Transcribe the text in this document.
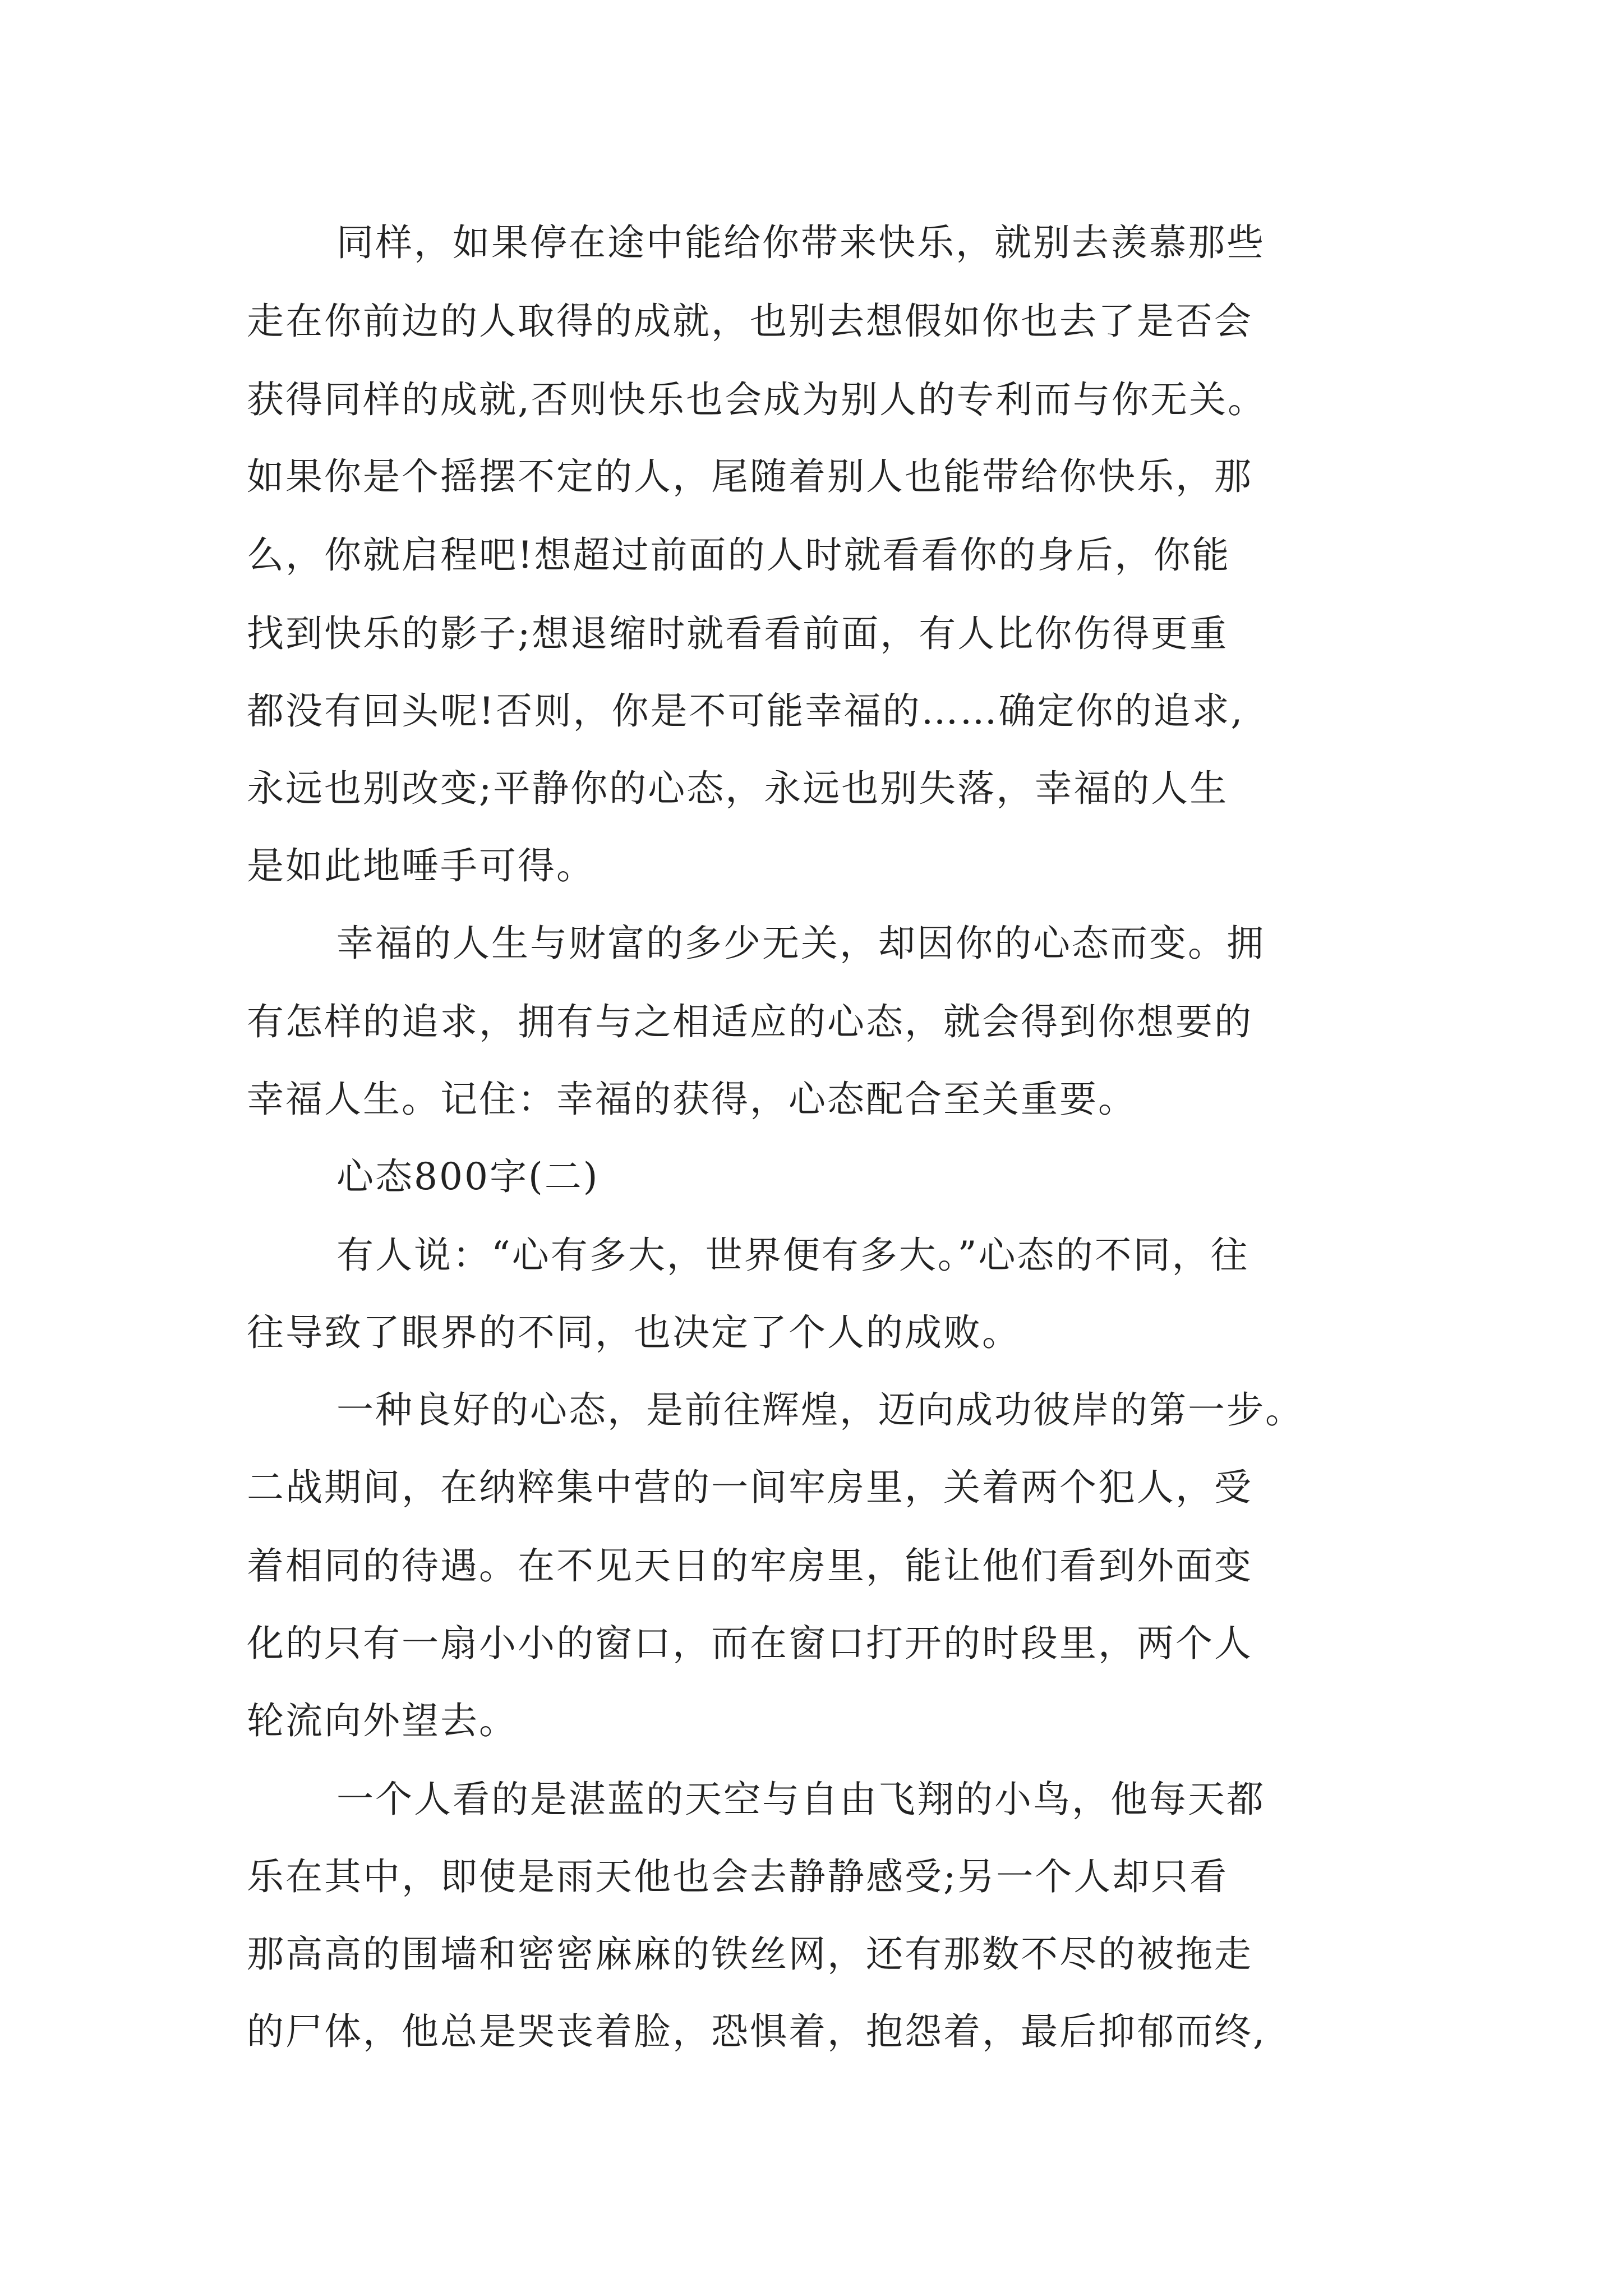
同样，如果停在途中能给你带来快乐，就别去羡慕那些
走在你前边的人取得的成就，也别去想假如你也去了是否会
获得同样的成就,否则快乐也会成为别人的专利而与你无关。
如果你是个摇摆不定的人，尾随着别人也能带给你快乐，那
么，你就启程吧!想超过前面的人时就看看你的身后，你能
找到快乐的影子;想退缩时就看看前面，有人比你伤得更重
都没有回头呢!否则，你是不可能幸福的……确定你的追求,
永远也别改变;平静你的心态，永远也别失落，幸福的人生
是如此地唾手可得。
幸福的人生与财富的多少无关，却因你的心态而变。拥
有怎样的追求，拥有与之相适应的心态，就会得到你想要的
幸福人生。记住：幸福的获得，心态配合至关重要。
心态800字(二)
有人说：“心有多大，世界便有多大。”心态的不同，往
往导致了眼界的不同，也决定了个人的成败。
一种良好的心态，是前往辉煌，迈向成功彼岸的第一步。
二战期间，在纳粹集中营的一间牢房里，关着两个犯人，受
着相同的待遇。在不见天日的牢房里，能让他们看到外面变
化的只有一扇小小的窗口，而在窗口打开的时段里，两个人
轮流向外望去。
一个人看的是湛蓝的天空与自由飞翔的小鸟，他每天都
乐在其中，即使是雨天他也会去静静感受;另一个人却只看
那高高的围墙和密密麻麻的铁丝网，还有那数不尽的被拖走
的尸体，他总是哭丧着脸，恐惧着，抱怨着，最后抑郁而终,
